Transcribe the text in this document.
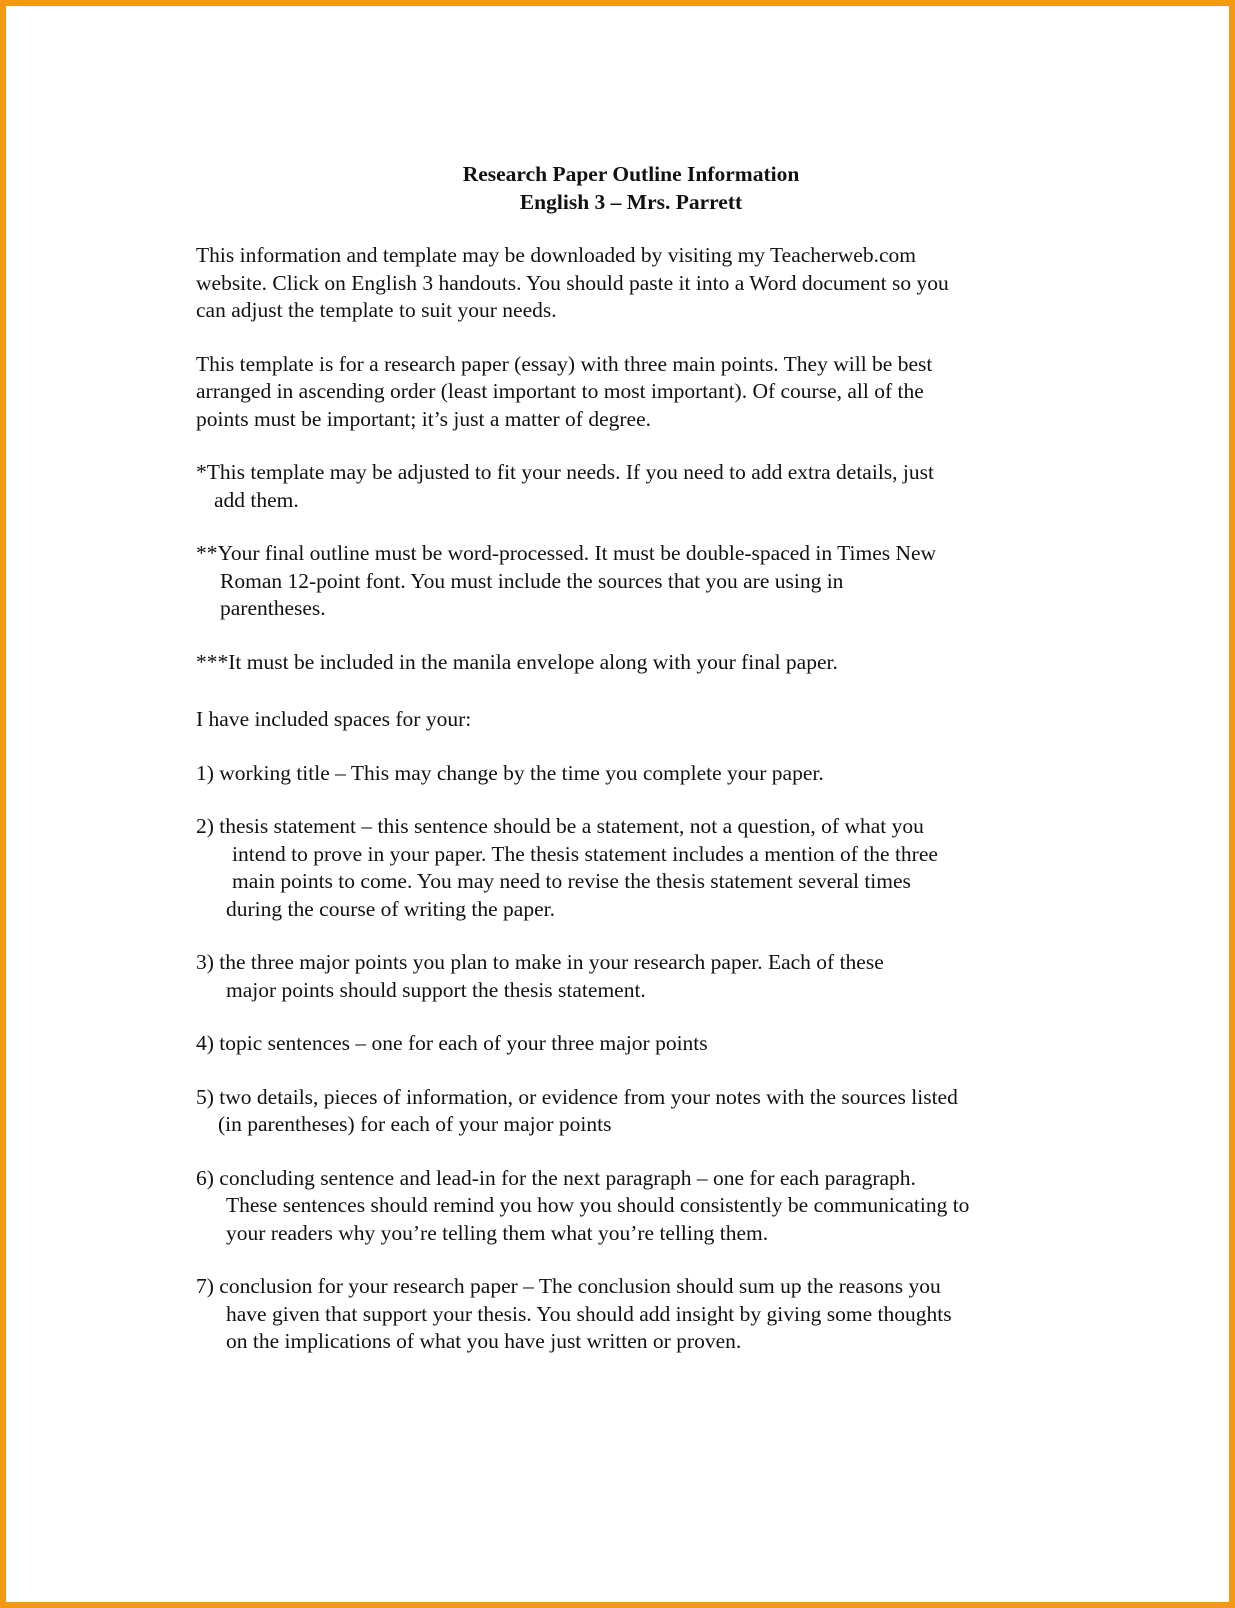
Research Paper Outline Information
English 3 – Mrs. Parrett
This information and template may be downloaded by visiting my Teacherweb.com
website. Click on English 3 handouts. You should paste it into a Word document so you
can adjust the template to suit your needs.
This template is for a research paper (essay) with three main points. They will be best
arranged in ascending order (least important to most important). Of course, all of the
points must be important; it’s just a matter of degree.
*This template may be adjusted to fit your needs. If you need to add extra details, just
add them.
**Your final outline must be word-processed. It must be double-spaced in Times New
Roman 12-point font. You must include the sources that you are using in
parentheses.
***It must be included in the manila envelope along with your final paper.
I have included spaces for your:
1) working title – This may change by the time you complete your paper.
2) thesis statement – this sentence should be a statement, not a question, of what you
intend to prove in your paper. The thesis statement includes a mention of the three
main points to come. You may need to revise the thesis statement several times
during the course of writing the paper.
3) the three major points you plan to make in your research paper. Each of these
major points should support the thesis statement.
4) topic sentences – one for each of your three major points
5) two details, pieces of information, or evidence from your notes with the sources listed
(in parentheses) for each of your major points
6) concluding sentence and lead-in for the next paragraph – one for each paragraph.
These sentences should remind you how you should consistently be communicating to
your readers why you’re telling them what you’re telling them.
7) conclusion for your research paper – The conclusion should sum up the reasons you
have given that support your thesis. You should add insight by giving some thoughts
on the implications of what you have just written or proven.
